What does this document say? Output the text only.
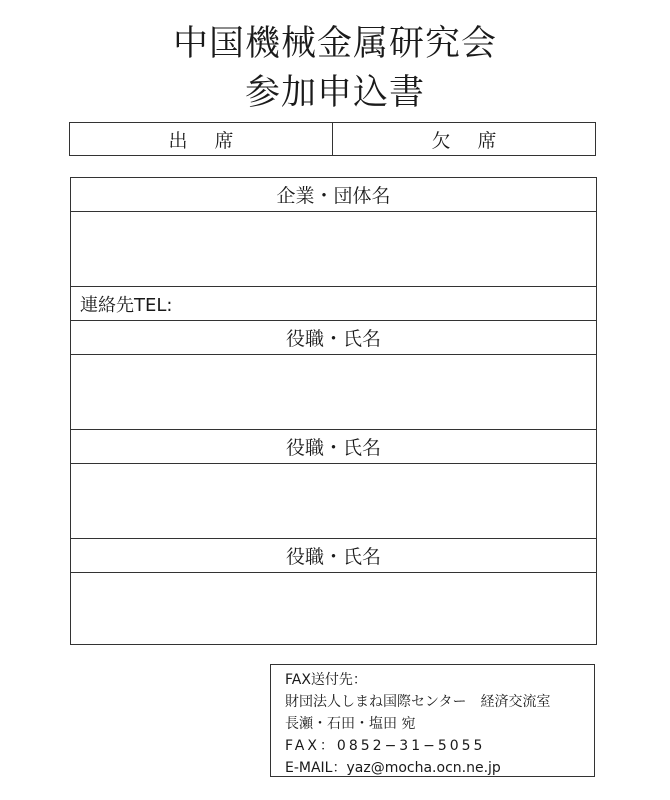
中国機械金属研究会
参加申込書
出席	欠席
企業・団体名
連絡先TEL:
役職・氏名
役職・氏名
役職・氏名
FAX送付先：
財団法人しまね国際センター　経済交流室
長瀬・石田・塩田 宛
FAX：0852−31−5055
E-MAIL：yaz@mocha.ocn.ne.jp
